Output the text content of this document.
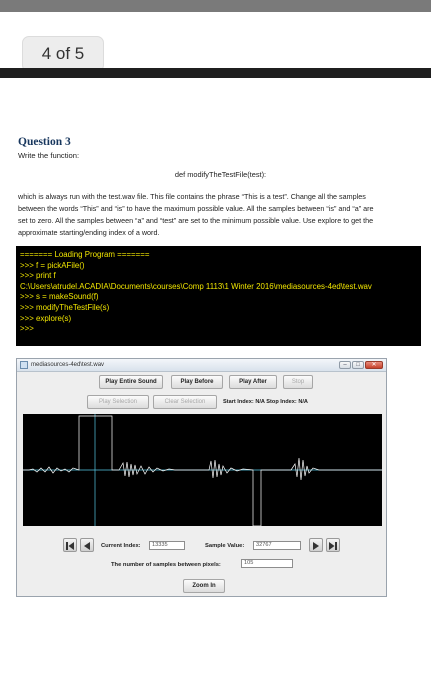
4 of 5
Question 3
Write the function:
def modifyTheTestFile(test):
which is always run with the test.wav file. This file contains the phrase “This is a test”. Change all the samples between the words “This” and “is” to have the maximum possible value. All the samples between “is” and “a” are set to zero. All the samples between “a” and “test” are set to the minimum possible value. Use explore to get the approximate starting/ending index of a word.
======= Loading Program =======
>>> f = pickAFile()
>>> print f
C:\Users\atrudel.ACADIA\Documents\courses\Comp 1113\1 Winter 2016\mediasources-4ed\test.wav
>>> s = makeSound(f)
>>> modifyTheTestFile(s)
>>> explore(s)
>>>
mediasources-4ed\test.wav	–	□	✕
Play Entire Sound	Play Before	Play After	Stop
Play Selection	Clear Selection	Start Index: N/A Stop Index: N/A
Current Index:	13335	Sample Value:	32767
The number of samples between pixels:	105
Zoom In
